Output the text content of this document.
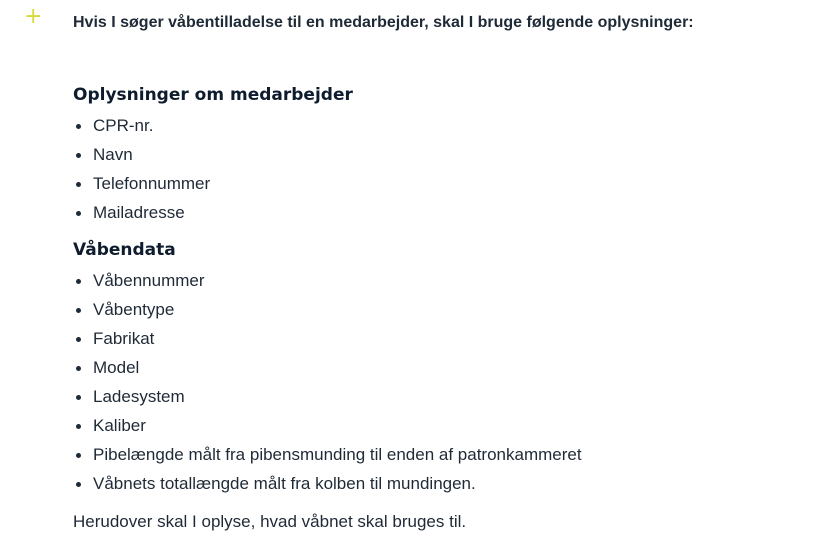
+ Hvis I søger våbentilladelse til en medarbejder, skal I bruge følgende oplysninger:

Oplysninger om medarbejder
CPR-nr.
Navn
Telefonnummer
Mailadresse
Våbendata
Våbennummer
Våbentype
Fabrikat
Model
Ladesystem
Kaliber
Pibelængde målt fra pibensmunding til enden af patronkammeret
Våbnets totallængde målt fra kolben til mundingen.

Herudover skal I oplyse, hvad våbnet skal bruges til.
